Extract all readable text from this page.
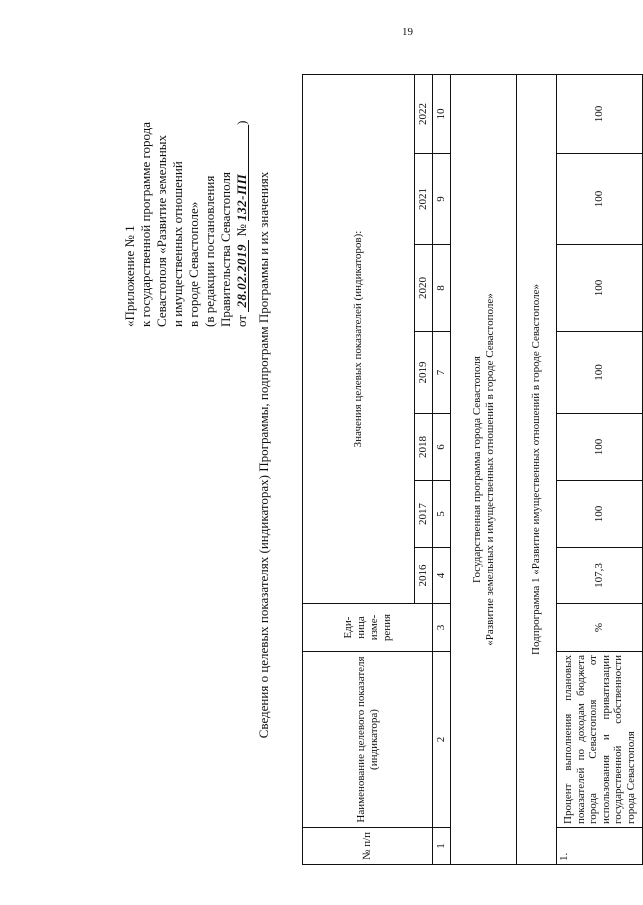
19
«Приложение № 1 к государственной программе города Севастополя «Развитие земельных и имущественных отношений в городе Севастополе» (в редакции постановления Правительства Севастополя от 28.02.2019 № 132-ПП)
Сведения о целевых показателях (индикаторах) Программы, подпрограмм Программы и их значениях
№ п/п	Наименование целевого показателя (индикатора)	Еди- ница изме- рения	Значения целевых показателей (индикаторов):						
			2016	2017	2018	2019	2020	2021	2022
1	2	3	4	5	6	7	8	9	10

Государственная программа города Севастополя «Развитие земельных и имущественных отношений в городе Севастополе»									

Подпрограмма 1 «Развитие имущественных отношений в городе Севастополе»									
1.	Процент выполнения плановых показателей по доходам бюджета города Севастополя от использования и приватизации государственной собственности города Севастополя	%	107,3	100	100	100	100	100	100
